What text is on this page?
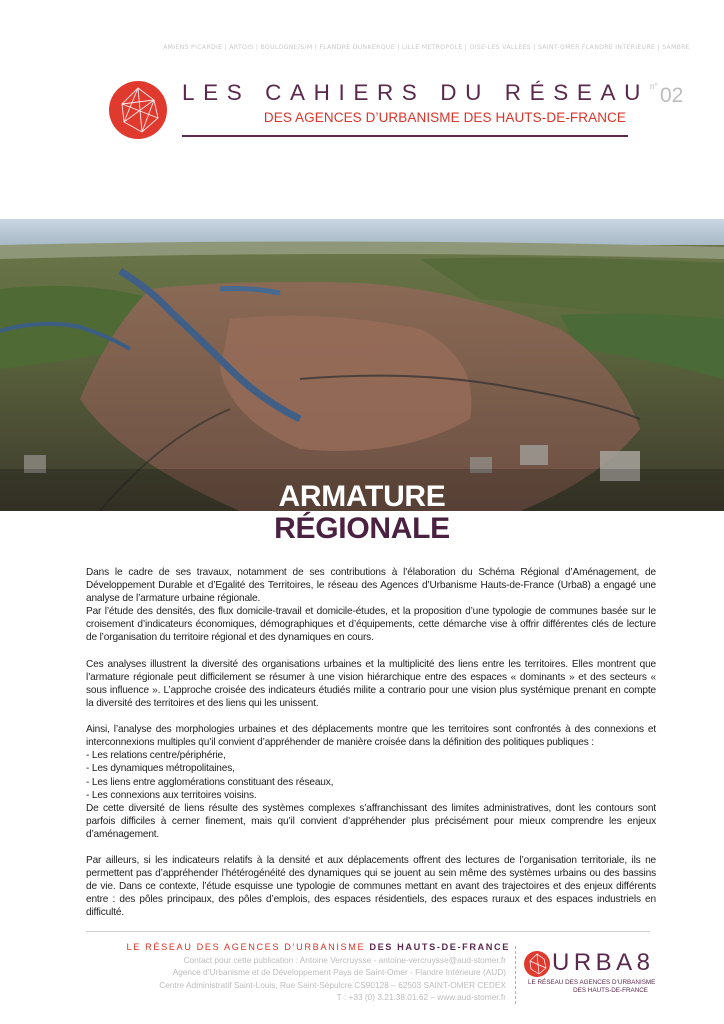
AMIENS PICARDIE | ARTOIS | BOULOGNE/S/M | FLANDRE DUNKERQUE | LILLE MÉTROPOLE | OISE-LES VALLÉES | SAINT-OMER FLANDRE INTÉRIEURE | SAMBRE
LES CAHIERS DU RÉSEAU n° 02
DES AGENCES D’URBANISME DES HAUTS-DE-FRANCE
ARMATURE
RÉGIONALE

Dans le cadre de ses travaux, notamment de ses contributions à l’élaboration du Schéma Régional d’Aménagement, de Développement Durable et d’Egalité des Territoires, le réseau des Agences d’Urbanisme Hauts-de-France (Urba8) a engagé une analyse de l’armature urbaine régionale.

Par l’étude des densités, des flux domicile-travail et domicile-études, et la proposition d’une typologie de communes basée sur le croisement d’indicateurs économiques, démographiques et d’équipements, cette démarche vise à offrir différentes clés de lecture de l’organisation du territoire régional et des dynamiques en cours.

Ces analyses illustrent la diversité des organisations urbaines et la multiplicité des liens entre les territoires. Elles montrent que l’armature régionale peut difficilement se résumer à une vision hiérarchique entre des espaces « dominants » et des secteurs « sous influence ». L’approche croisée des indicateurs étudiés milite a contrario pour une vision plus systémique prenant en compte la diversité des territoires et des liens qui les unissent.

Ainsi, l’analyse des morphologies urbaines et des déplacements montre que les territoires sont confrontés à des connexions et interconnexions multiples qu’il convient d’appréhender de manière croisée dans la définition des politiques publiques :

- Les relations centre/périphérie,
- Les dynamiques métropolitaines,
- Les liens entre agglomérations constituant des réseaux,
- Les connexions aux territoires voisins.

De cette diversité de liens résulte des systèmes complexes s’affranchissant des limites administratives, dont les contours sont parfois difficiles à cerner finement, mais qu’il convient d’appréhender plus précisément pour mieux comprendre les enjeux d’aménagement.

Par ailleurs, si les indicateurs relatifs à la densité et aux déplacements offrent des lectures de l’organisation territoriale, ils ne permettent pas d’appréhender l’hétérogénéité des dynamiques qui se jouent au sein même des systèmes urbains ou des bassins de vie. Dans ce contexte, l’étude esquisse une typologie de communes mettant en avant des trajectoires et des enjeux différents entre : des pôles principaux, des pôles d’emplois, des espaces résidentiels, des espaces ruraux et des espaces industriels en difficulté.

LE RÉSEAU DES AGENCES D’URBANISME DES HAUTS-DE-FRANCE
Contact pour cette publication : Antoine Vercruysse - antoine-vercruysse@aud-stomer.fr
Agence d’Urbanisme et de Développement Pays de Saint-Omer - Flandre Intérieure (AUD)
Centre Administratif Saint-Louis, Rue Saint-Sépulcre CS90128 – 62503 SAINT-OMER CEDEX
T : +33 (0) 3.21.38.01.62 – www.aud-stomer.fr
URBA8
LE RÉSEAU DES AGENCES D’URBANISME
DES HAUTS-DE-FRANCE
